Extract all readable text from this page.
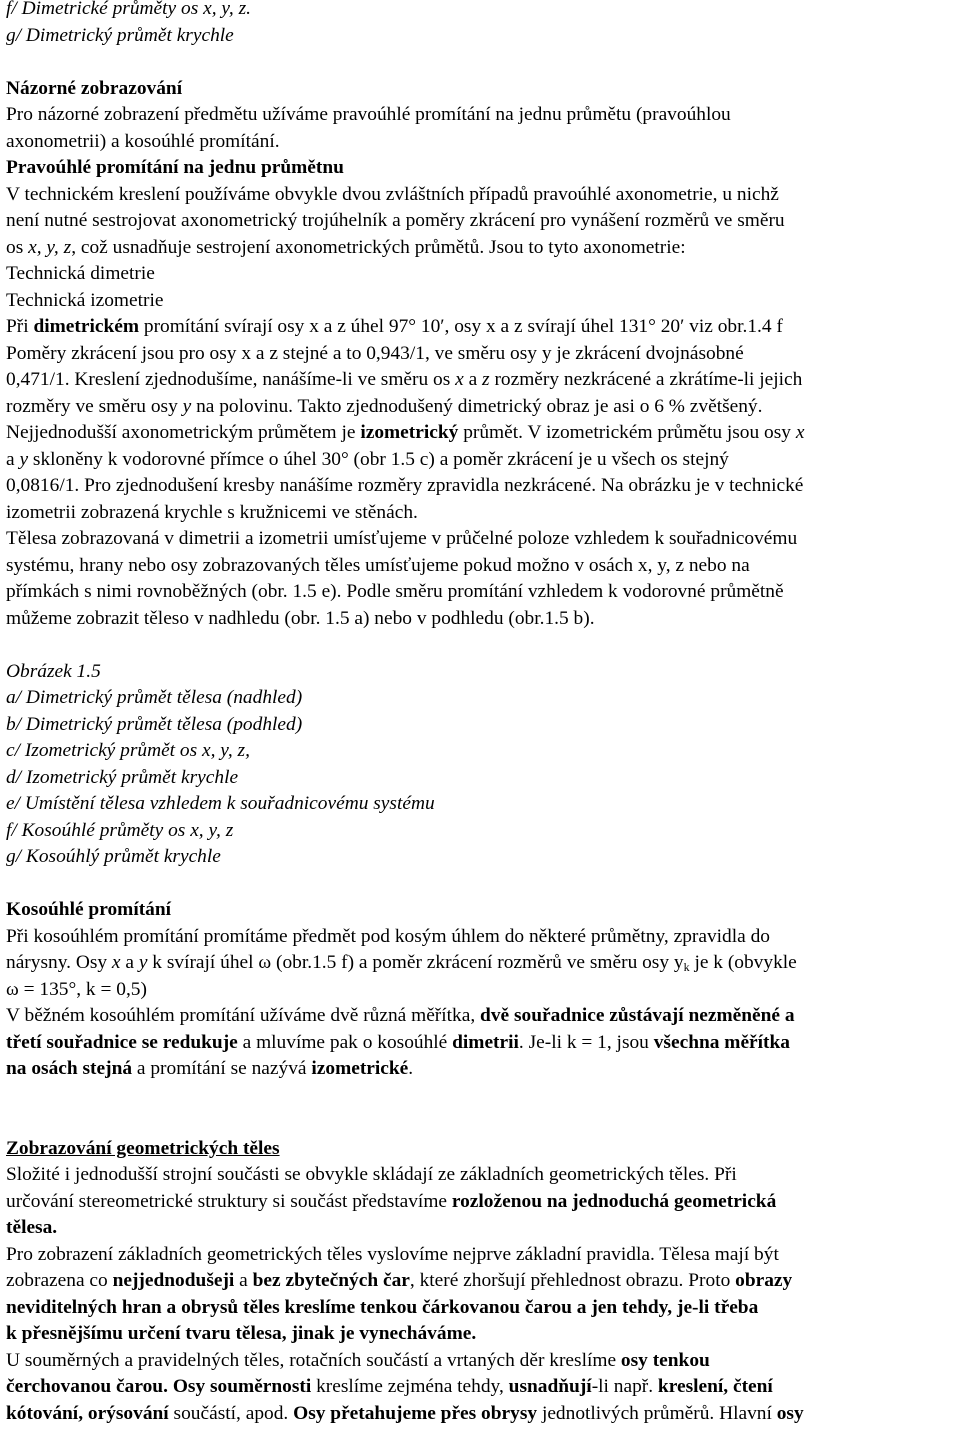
f/ Dimetrické průměty os x, y, z.
g/ Dimetrický průmět krychle
Názorné zobrazování
Pro názorné zobrazení předmětu užíváme pravoúhlé promítání na jednu průmětu (pravoúhlou
axonometrii) a kosoúhlé promítání.
Pravoúhlé promítání na jednu průmětnu
V technickém kreslení používáme obvykle dvou zvláštních případů pravoúhlé axonometrie, u nichž
není nutné sestrojovat axonometrický trojúhelník a poměry zkrácení pro vynášení rozměrů ve směru
os x, y, z, což usnadňuje sestrojení axonometrických průmětů. Jsou to tyto axonometrie:
Technická dimetrie
Technická izometrie
Při dimetrickém promítání svírají osy x a z úhel 97° 10′, osy x a z svírají úhel 131° 20′ viz obr.1.4 f
Poměry zkrácení jsou pro osy x a z stejné a to 0,943/1, ve směru osy y je zkrácení dvojnásobné
0,471/1. Kreslení zjednodušíme, nanášíme-li ve směru os x a z rozměry nezkrácené a zkrátíme-li jejich
rozměry ve směru osy y na polovinu. Takto zjednodušený dimetrický obraz je asi o 6 % zvětšený.
Nejjednodušší axonometrickým průmětem je izometrický průmět. V izometrickém průmětu jsou osy x
a y skloněny k vodorovné přímce o úhel 30° (obr 1.5 c) a poměr zkrácení je u všech os stejný
0,0816/1. Pro zjednodušení kresby nanášíme rozměry zpravidla nezkrácené. Na obrázku je v technické
izometrii zobrazená krychle s kružnicemi ve stěnách.
Tělesa zobrazovaná v dimetrii a izometrii umísťujeme v průčelné poloze vzhledem k souřadnicovému
systému, hrany nebo osy zobrazovaných těles umísťujeme pokud možno v osách x, y, z nebo na
přímkách s nimi rovnoběžných (obr. 1.5 e). Podle směru promítání vzhledem k vodorovné průmětně
můžeme zobrazit těleso v nadhledu (obr. 1.5 a) nebo v podhledu (obr.1.5 b).
Obrázek 1.5
a/ Dimetrický průmět tělesa (nadhled)
b/ Dimetrický průmět tělesa (podhled)
c/ Izometrický průmět os x, y, z,
d/ Izometrický průmět krychle
e/ Umístění tělesa vzhledem k souřadnicovému systému
f/ Kosoúhlé průměty os x, y, z
g/ Kosoúhlý průmět krychle
Kosoúhlé promítání
Při kosoúhlém promítání promítáme předmět pod kosým úhlem do některé průmětny, zpravidla do
nárysny. Osy x a y k svírají úhel ω (obr.1.5 f) a poměr zkrácení rozměrů ve směru osy $y_k$ je k (obvykle
ω = 135°, k = 0,5)
V běžném kosoúhlém promítání užíváme dvě různá měřítka, dvě souřadnice zůstávají nezměněné a
třetí souřadnice se redukuje a mluvíme pak o kosoúhlé dimetrii. Je-li k = 1, jsou všechna měřítka
na osách stejná a promítání se nazývá izometrické.
Zobrazování geometrických těles
Složité i jednodušší strojní součásti se obvykle skládají ze základních geometrických těles. Při
určování stereometrické struktury si součást představíme rozloženou na jednoduchá geometrická
tělesa.
Pro zobrazení základních geometrických těles vyslovíme nejprve základní pravidla. Tělesa mají být
zobrazena co nejjednodušeji a bez zbytečných čar, které zhoršují přehlednost obrazu. Proto obrazy
neviditelných hran a obrysů těles kreslíme tenkou čárkovanou čarou a jen tehdy, je-li třeba
k přesnějšímu určení tvaru tělesa, jinak je vynecháváme.
U souměrných a pravidelných těles, rotačních součástí a vrtaných děr kreslíme osy tenkou
čerchovanou čarou. Osy souměrnosti kreslíme zejména tehdy, usnadňují-li např. kreslení, čtení
kótování, orýsování součástí, apod. Osy přetahujeme přes obrysy jednotlivých průměrů. Hlavní osy
